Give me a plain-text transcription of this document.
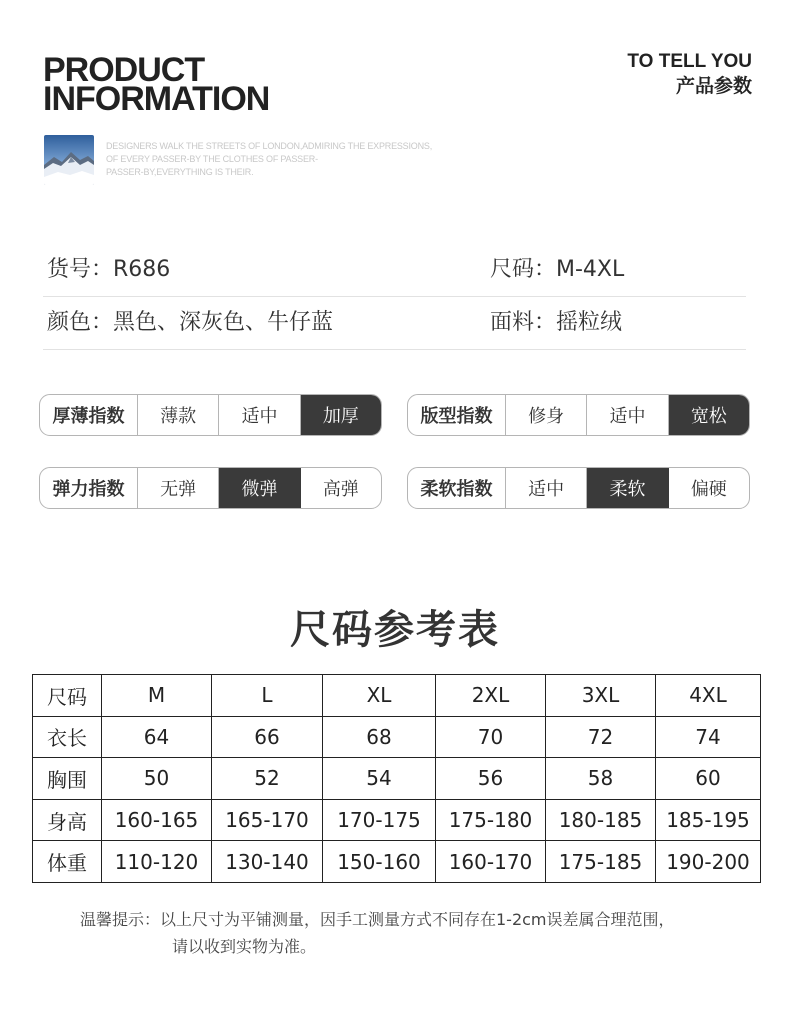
PRODUCT
INFORMATION
TO TELL YOU
产品参数
DESIGNERS WALK THE STREETS OF LONDON,ADMIRING THE EXPRESSIONS,
OF EVERY PASSER-BY THE CLOTHES OF PASSER-
PASSER-BY,EVERYTHING IS THEIR.
货号：R686	尺码：M-4XL
颜色：黑色、深灰色、牛仔蓝	面料：摇粒绒
厚薄指数	薄款	适中	加厚	版型指数	修身	适中	宽松
弹力指数	无弹	微弹	高弹	柔软指数	适中	柔软	偏硬
尺码参考表
尺码	M	L	XL	2XL	3XL	4XL
衣长	64	66	68	70	72	74
胸围	50	52	54	56	58	60
身高	160-165	165-170	170-175	175-180	180-185	185-195
体重	110-120	130-140	150-160	160-170	175-185	190-200
温馨提示：以上尺寸为平铺测量，因手工测量方式不同存在1-2cm误差属合理范围，
请以收到实物为准。
